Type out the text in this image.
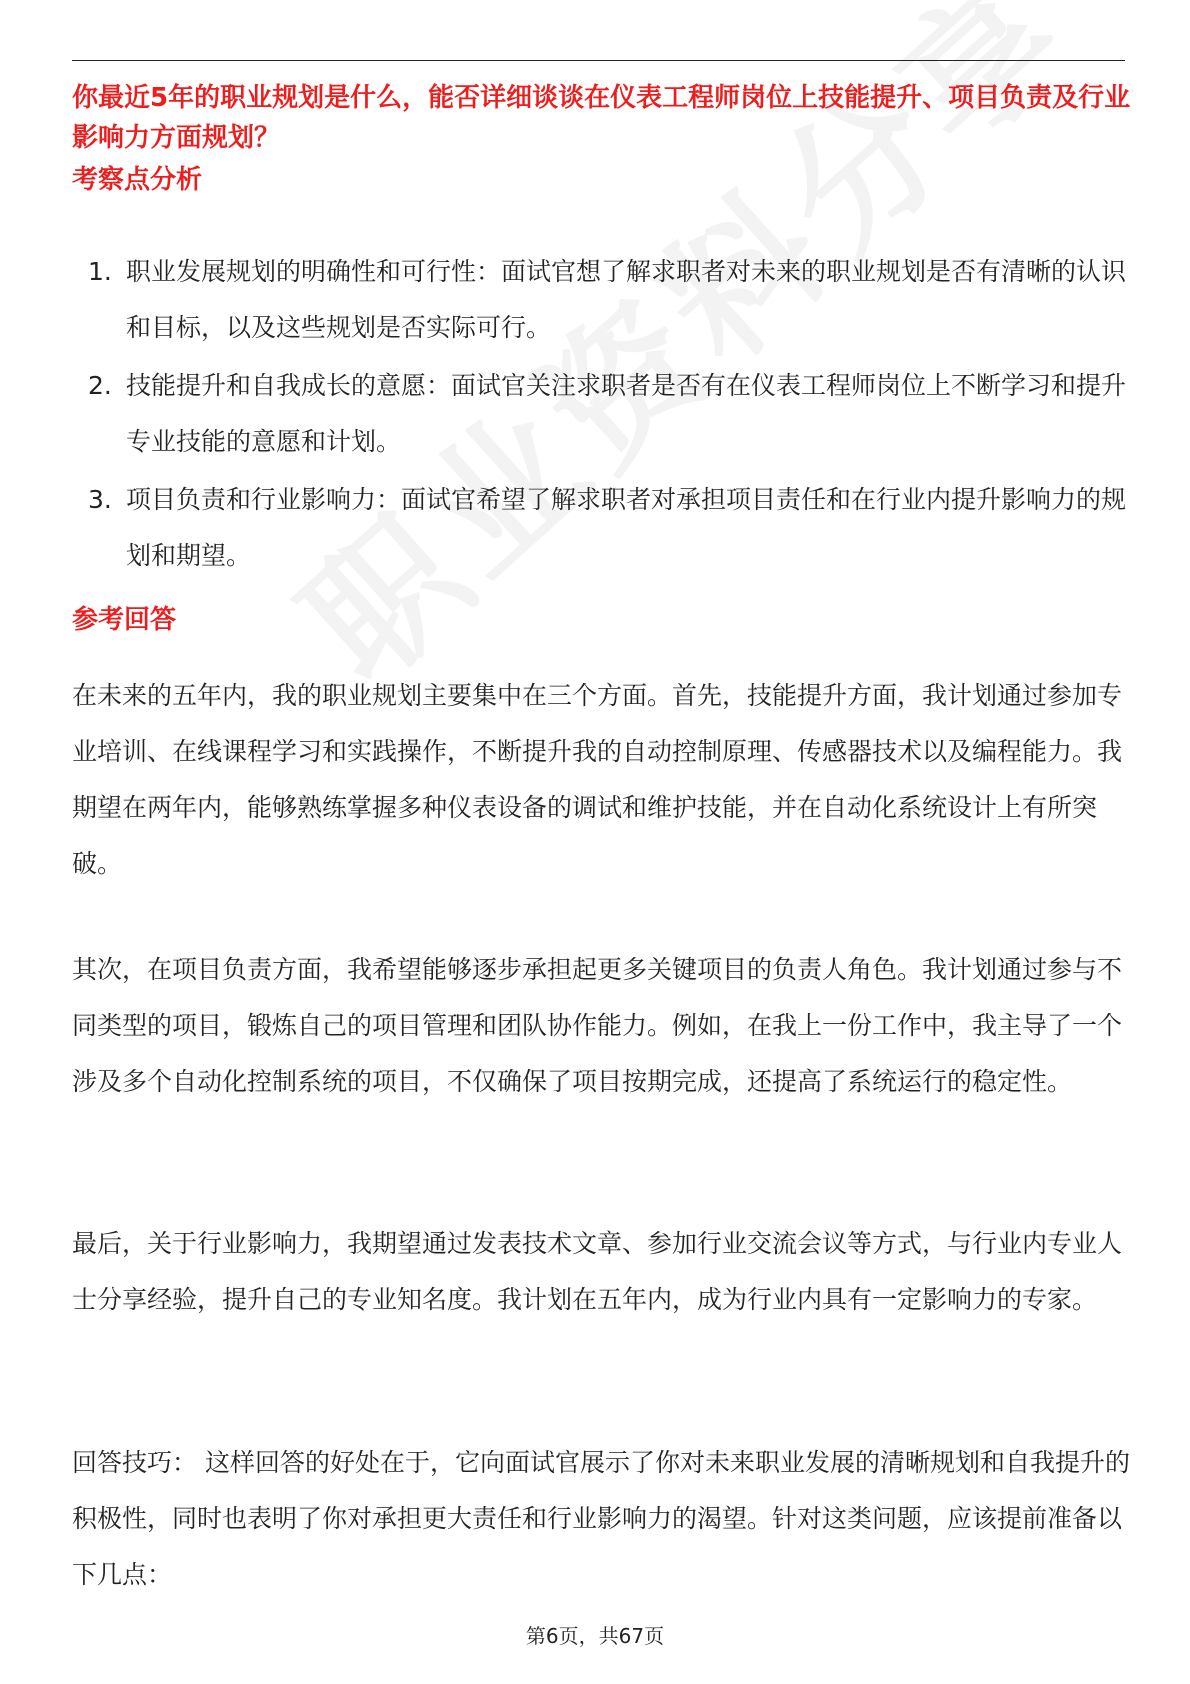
你最近5年的职业规划是什么，能否详细谈谈在仪表工程师岗位上技能提升、项目负责及行业影响力方面规划？
考察点分析
1. 职业发展规划的明确性和可行性：面试官想了解求职者对未来的职业规划是否有清晰的认识和目标，以及这些规划是否实际可行。
2. 技能提升和自我成长的意愿：面试官关注求职者是否有在仪表工程师岗位上不断学习和提升专业技能的意愿和计划。
3. 项目负责和行业影响力：面试官希望了解求职者对承担项目责任和在行业内提升影响力的规划和期望。
参考回答

在未来的五年内，我的职业规划主要集中在三个方面。首先，技能提升方面，我计划通过参加专业培训、在线课程学习和实践操作，不断提升我的自动控制原理、传感器技术以及编程能力。我期望在两年内，能够熟练掌握多种仪表设备的调试和维护技能，并在自动化系统设计上有所突破。

其次，在项目负责方面，我希望能够逐步承担起更多关键项目的负责人角色。我计划通过参与不同类型的项目，锻炼自己的项目管理和团队协作能力。例如，在我上一份工作中，我主导了一个涉及多个自动化控制系统的项目，不仅确保了项目按期完成，还提高了系统运行的稳定性。

最后，关于行业影响力，我期望通过发表技术文章、参加行业交流会议等方式，与行业内专业人士分享经验，提升自己的专业知名度。我计划在五年内，成为行业内具有一定影响力的专家。

回答技巧： 这样回答的好处在于，它向面试官展示了你对未来职业发展的清晰规划和自我提升的积极性，同时也表明了你对承担更大责任和行业影响力的渴望。针对这类问题，应该提前准备以下几点：

第6页，共67页
